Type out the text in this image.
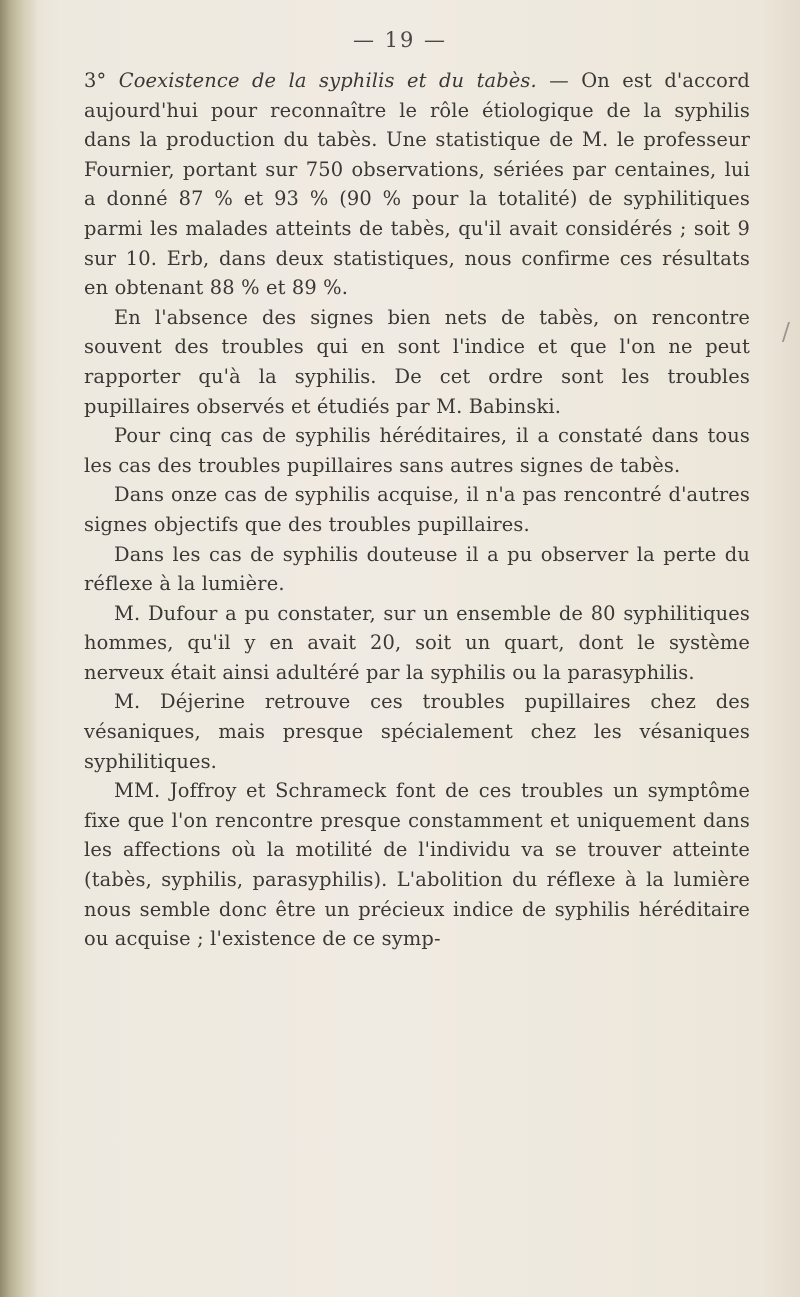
— 19 —

3° Coexistence de la syphilis et du tabès. — On est d'accord aujourd'hui pour reconnaître le rôle étiologique de la syphilis dans la production du tabès. Une statistique de M. le professeur Fournier, portant sur 750 observations, sériées par centaines, lui a donné 87 % et 93 % (90 % pour la totalité) de syphilitiques parmi les malades atteints de tabès, qu'il avait considérés ; soit 9 sur 10. Erb, dans deux statistiques, nous confirme ces résultats en obtenant 88 % et 89 %.

En l'absence des signes bien nets de tabès, on rencontre souvent des troubles qui en sont l'indice et que l'on ne peut rapporter qu'à la syphilis. De cet ordre sont les troubles pupillaires observés et étudiés par M. Babinski.

Pour cinq cas de syphilis héréditaires, il a constaté dans tous les cas des troubles pupillaires sans autres signes de tabès.

Dans onze cas de syphilis acquise, il n'a pas rencontré d'autres signes objectifs que des troubles pupillaires.

Dans les cas de syphilis douteuse il a pu observer la perte du réflexe à la lumière.

M. Dufour a pu constater, sur un ensemble de 80 syphilitiques hommes, qu'il y en avait 20, soit un quart, dont le système nerveux était ainsi adultéré par la syphilis ou la parasyphilis.

M. Déjerine retrouve ces troubles pupillaires chez des vésaniques, mais presque spécialement chez les vésaniques syphilitiques.

MM. Joffroy et Schrameck font de ces troubles un symptôme fixe que l'on rencontre presque constamment et uniquement dans les affections où la motilité de l'individu va se trouver atteinte (tabès, syphilis, parasyphilis). L'abolition du réflexe à la lumière nous semble donc être un précieux indice de syphilis héréditaire ou acquise ; l'existence de ce symp-

/
